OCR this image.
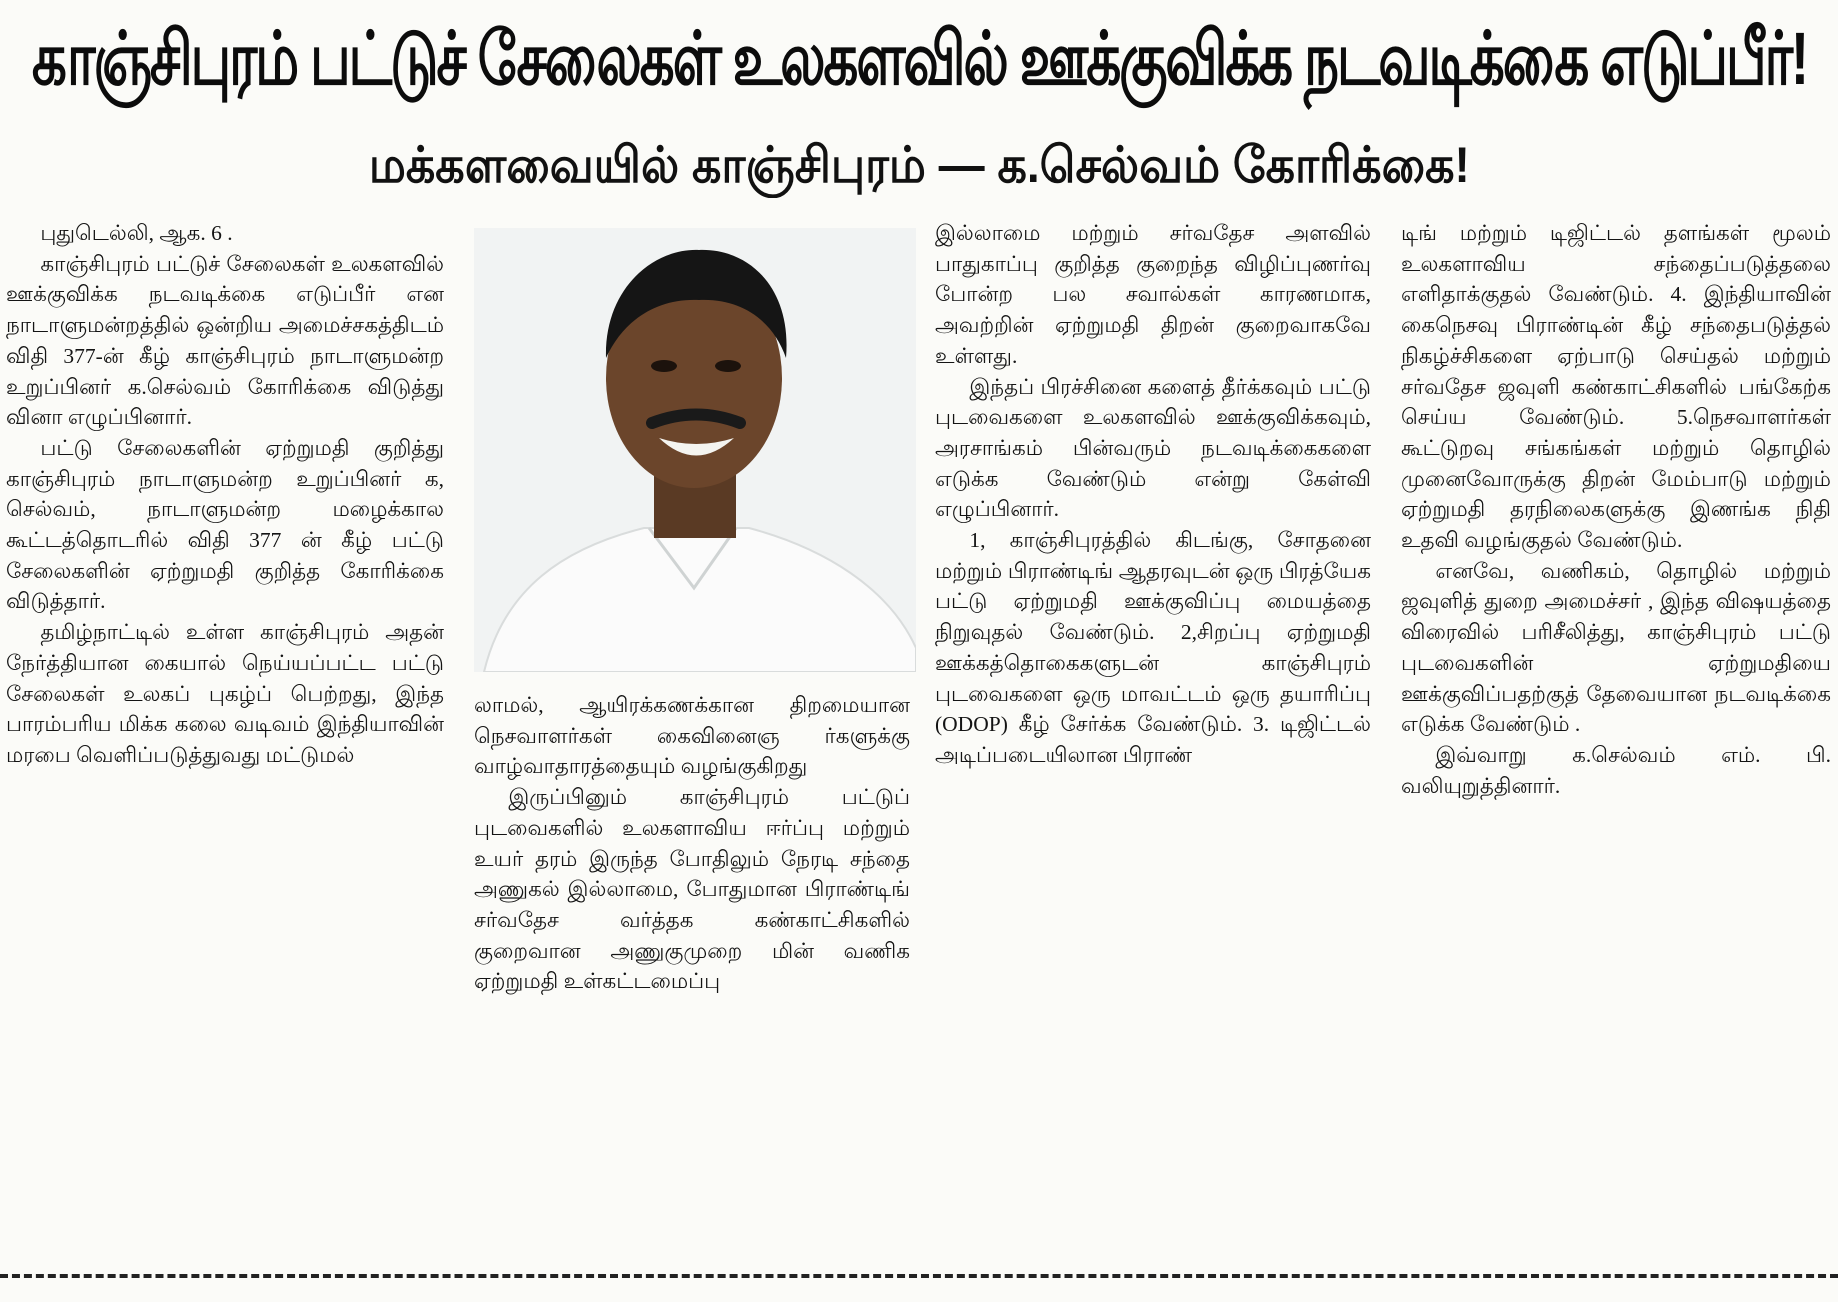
காஞ்சிபுரம் பட்டுச் சேலைகள் உலகளவில் ஊக்குவிக்க நடவடிக்கை எடுப்பீர்!
மக்களவையில் காஞ்சிபுரம் — க.செல்வம் கோரிக்கை!

புதுடெல்லி, ஆக. 6 .

காஞ்சிபுரம் பட்டுச் சேலைகள் உலகளவில் ஊக்குவிக்க நடவடிக்கை எடுப்பீர் என நாடாளுமன்றத்தில் ஒன்றிய அமைச்சகத்திடம் விதி 377-ன் கீழ் காஞ்சிபுரம் நாடாளுமன்ற உறுப்பினர் க.செல்வம் கோரிக்கை விடுத்து வினா எழுப்பினார்.

பட்டு சேலைகளின் ஏற்றுமதி குறித்து காஞ்சிபுரம் நாடாளுமன்ற உறுப்பினர் க, செல்வம், நாடாளுமன்ற மழைக்கால கூட்டத்தொடரில் விதி 377 ன் கீழ் பட்டு சேலைகளின் ஏற்றுமதி குறித்த கோரிக்கை விடுத்தார்.

தமிழ்நாட்டில் உள்ள காஞ்சிபுரம் அதன் நேர்த்தியான கையால் நெய்யப்பட்ட பட்டு சேலைகள் உலகப் புகழ்ப் பெற்றது, இந்த பாரம்பரிய மிக்க கலை வடிவம் இந்தியாவின் மரபை வெளிப்படுத்துவது மட்டுமல்

லாமல், ஆயிரக்கணக்கான திறமையான நெசவாளர்கள் கைவினைஞ ர்களுக்கு வாழ்வாதாரத்தையும் வழங்குகிறது

இருப்பினும் காஞ்சிபுரம் பட்டுப் புடவைகளில் உலகளாவிய ஈர்ப்பு மற்றும் உயர் தரம் இருந்த போதிலும் நேரடி சந்தை அணுகல் இல்லாமை, போதுமான பிராண்டிங் சர்வதேச வர்த்தக கண்காட்சிகளில் குறைவான அணுகுமுறை மின் வணிக ஏற்றுமதி உள்கட்டமைப்பு

இல்லாமை மற்றும் சர்வதேச அளவில் பாதுகாப்பு குறித்த குறைந்த விழிப்புணர்வு போன்ற பல சவால்கள் காரணமாக, அவற்றின் ஏற்றுமதி திறன் குறைவாகவே உள்ளது.

இந்தப் பிரச்சினை களைத் தீர்க்கவும் பட்டு புடவைகளை உலகளவில் ஊக்குவிக்கவும், அரசாங்கம் பின்வரும் நடவடிக்கைகளை எடுக்க வேண்டும் என்று கேள்வி எழுப்பினார்.

1, காஞ்சிபுரத்தில் கிடங்கு, சோதனை மற்றும் பிராண்டிங் ஆதரவுடன் ஒரு பிரத்யேக பட்டு ஏற்றுமதி ஊக்குவிப்பு மையத்தை நிறுவுதல் வேண்டும். 2,சிறப்பு ஏற்றுமதி ஊக்கத்தொகைகளுடன் காஞ்சிபுரம் புடவைகளை ஒரு மாவட்டம் ஒரு தயாரிப்பு (ODOP) கீழ் சேர்க்க வேண்டும். 3. டிஜிட்டல் அடிப்படையிலான பிராண்

டிங் மற்றும் டிஜிட்டல் தளங்கள் மூலம் உலகளாவிய சந்தைப்படுத்தலை எளிதாக்குதல் வேண்டும். 4. இந்தியாவின் கைநெசவு பிராண்டின் கீழ் சந்தைபடுத்தல் நிகழ்ச்சிகளை ஏற்பாடு செய்தல் மற்றும் சர்வதேச ஜவுளி கண்காட்சிகளில் பங்கேற்க செய்ய வேண்டும். 5.நெசவாளர்கள் கூட்டுறவு சங்கங்கள் மற்றும் தொழில் முனைவோருக்கு திறன் மேம்பாடு மற்றும் ஏற்றுமதி தரநிலைகளுக்கு இணங்க நிதி உதவி வழங்குதல் வேண்டும்.

எனவே, வணிகம், தொழில் மற்றும் ஜவுளித் துறை அமைச்சர் , இந்த விஷயத்தை விரைவில் பரிசீலித்து, காஞ்சிபுரம் பட்டு புடவைகளின் ஏற்றுமதியை ஊக்குவிப்பதற்குத் தேவையான நடவடிக்கை எடுக்க வேண்டும் .

இவ்வாறு க.செல்வம் எம். பி. வலியுறுத்தினார்.
